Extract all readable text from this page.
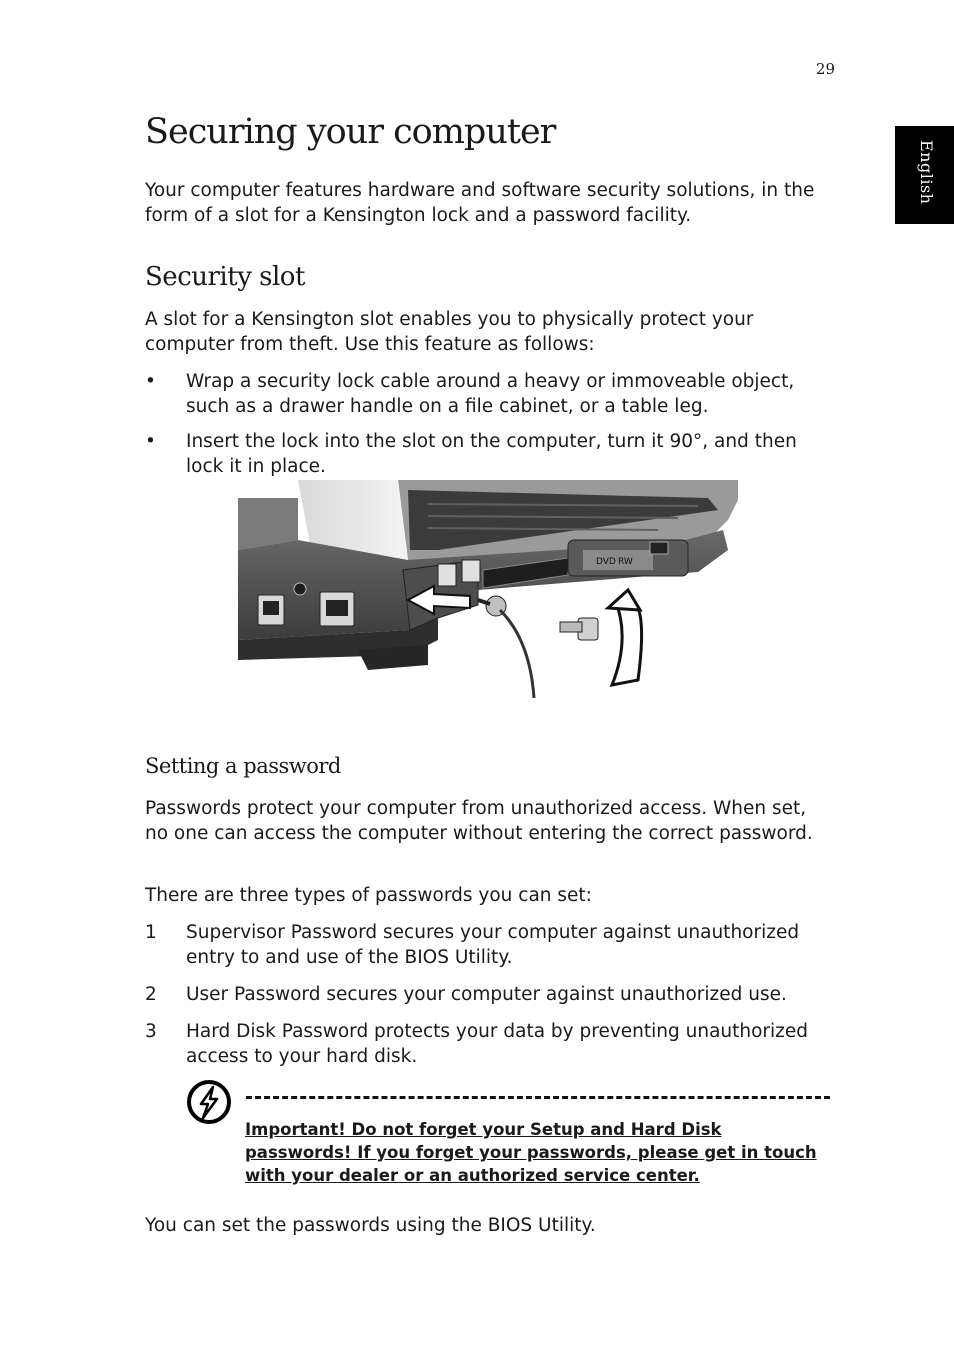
29
English
Securing your computer

Your computer features hardware and software security solutions, in the form of a slot for a Kensington lock and a password facility.

Security slot

A slot for a Kensington slot enables you to physically protect your computer from theft. Use this feature as follows:

• Wrap a security lock cable around a heavy or immoveable object, such as a drawer handle on a file cabinet, or a table leg.
• Insert the lock into the slot on the computer, turn it 90°, and then lock it in place.
DVD RW
Setting a password

Passwords protect your computer from unauthorized access. When set, no one can access the computer without entering the correct password.

There are three types of passwords you can set:

1 Supervisor Password secures your computer against unauthorized entry to and use of the BIOS Utility.
2 User Password secures your computer against unauthorized use.
3 Hard Disk Password protects your data by preventing unauthorized access to your hard disk.
Important! Do not forget your Setup and Hard Disk passwords! If you forget your passwords, please get in touch with your dealer or an authorized service center.

You can set the passwords using the BIOS Utility.
